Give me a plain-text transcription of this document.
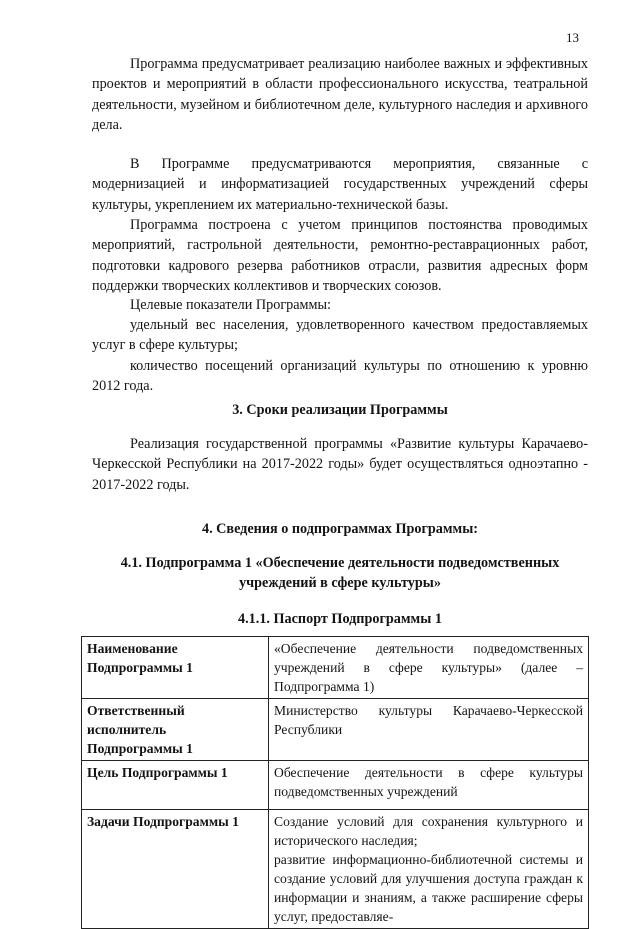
13

Программа предусматривает реализацию наиболее важных и эффективных проектов и мероприятий в области профессионального искусства, театральной деятельности, музейном и библиотечном деле, культурного наследия и архивного дела.

В Программе предусматриваются мероприятия, связанные с модернизацией и информатизацией государственных учреждений сферы культуры, укреплением их материально-технической базы.

Программа построена с учетом принципов постоянства проводимых мероприятий, гастрольной деятельности, ремонтно-реставрационных работ, подготовки кадрового резерва работников отрасли, развития адресных форм поддержки творческих коллективов и творческих союзов.

Целевые показатели Программы:

удельный вес населения, удовлетворенного качеством предоставляемых услуг в сфере культуры;

количество посещений организаций культуры по отношению к уровню 2012 года.

3. Сроки реализации Программы

Реализация государственной программы «Развитие культуры Карачаево-Черкесской Республики на 2017-2022 годы» будет осуществляться одноэтапно - 2017-2022 годы.

4. Сведения о подпрограммах Программы:
4.1. Подпрограмма 1 «Обеспечение деятельности подведомственных
учреждений в сфере культуры»
4.1.1. Паспорт Подпрограммы 1
Наименование Подпрограммы 1	«Обеспечение деятельности подведомственных учреждений в сфере культуры» (далее – Подпрограмма 1)

Ответственный исполнитель Подпрограммы 1	Министерство культуры Карачаево-Черкесской Республики

Цель Подпрограммы 1	Обеспечение деятельности в сфере культуры подведомственных учреждений

Задачи Подпрограммы 1	Создание условий для сохранения культурного и исторического наследия;
развитие информационно-библиотечной системы и создание условий для улучшения доступа граждан к информации и знаниям, а также расширение сферы услуг, предоставляе-
